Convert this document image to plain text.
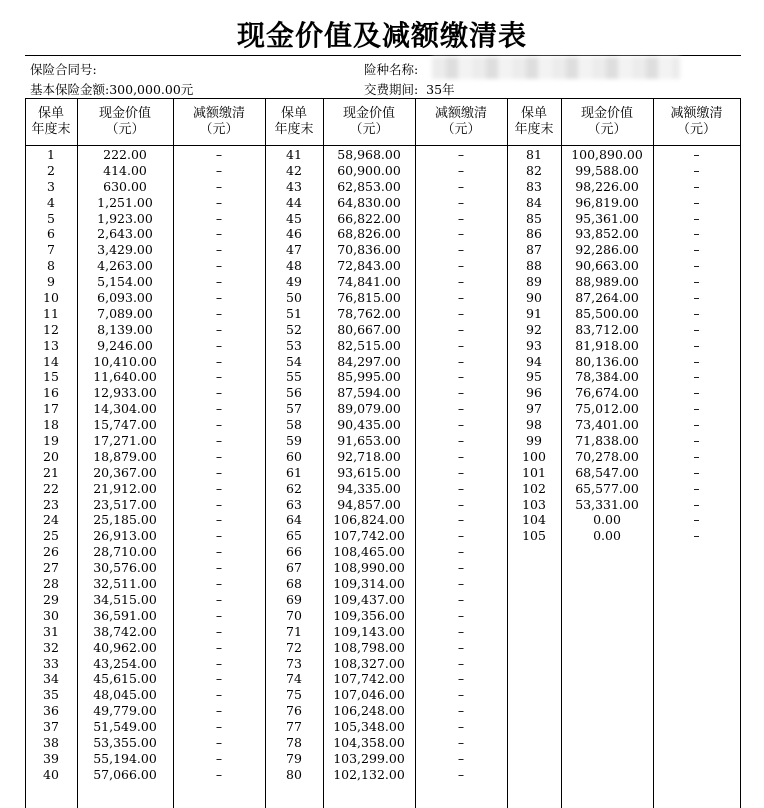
现金价值及减额缴清表
保险合同号:	险种名称:
基本保险金额:300,000.00元	交费期间: 35年
保单
年度末
现金价值
（元）
减额缴清
（元）
保单
年度末
现金价值
（元）
减额缴清
（元）
保单
年度末
现金价值
（元）
减额缴清
（元）
1
2
3
4
5
6
7
8
9
10
11
12
13
14
15
16
17
18
19
20
21
22
23
24
25
26
27
28
29
30
31
32
33
34
35
36
37
38
39
40
222.00
414.00
630.00
1,251.00
1,923.00
2,643.00
3,429.00
4,263.00
5,154.00
6,093.00
7,089.00
8,139.00
9,246.00
10,410.00
11,640.00
12,933.00
14,304.00
15,747.00
17,271.00
18,879.00
20,367.00
21,912.00
23,517.00
25,185.00
26,913.00
28,710.00
30,576.00
32,511.00
34,515.00
36,591.00
38,742.00
40,962.00
43,254.00
45,615.00
48,045.00
49,779.00
51,549.00
53,355.00
55,194.00
57,066.00
–
–
–
–
–
–
–
–
–
–
–
–
–
–
–
–
–
–
–
–
–
–
–
–
–
–
–
–
–
–
–
–
–
–
–
–
–
–
–
–
41
42
43
44
45
46
47
48
49
50
51
52
53
54
55
56
57
58
59
60
61
62
63
64
65
66
67
68
69
70
71
72
73
74
75
76
77
78
79
80
58,968.00
60,900.00
62,853.00
64,830.00
66,822.00
68,826.00
70,836.00
72,843.00
74,841.00
76,815.00
78,762.00
80,667.00
82,515.00
84,297.00
85,995.00
87,594.00
89,079.00
90,435.00
91,653.00
92,718.00
93,615.00
94,335.00
94,857.00
106,824.00
107,742.00
108,465.00
108,990.00
109,314.00
109,437.00
109,356.00
109,143.00
108,798.00
108,327.00
107,742.00
107,046.00
106,248.00
105,348.00
104,358.00
103,299.00
102,132.00
–
–
–
–
–
–
–
–
–
–
–
–
–
–
–
–
–
–
–
–
–
–
–
–
–
–
–
–
–
–
–
–
–
–
–
–
–
–
–
–
81
82
83
84
85
86
87
88
89
90
91
92
93
94
95
96
97
98
99
100
101
102
103
104
105
100,890.00
99,588.00
98,226.00
96,819.00
95,361.00
93,852.00
92,286.00
90,663.00
88,989.00
87,264.00
85,500.00
83,712.00
81,918.00
80,136.00
78,384.00
76,674.00
75,012.00
73,401.00
71,838.00
70,278.00
68,547.00
65,577.00
53,331.00
0.00
0.00
–
–
–
–
–
–
–
–
–
–
–
–
–
–
–
–
–
–
–
–
–
–
–
–
–
